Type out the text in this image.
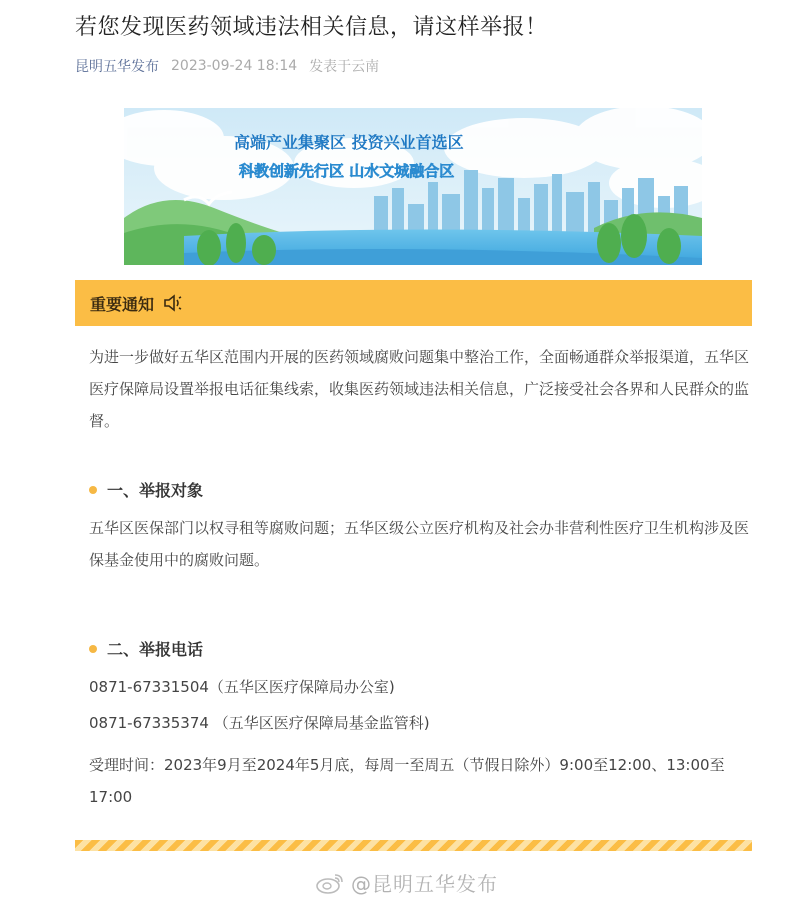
若您发现医药领域违法相关信息，请这样举报！
昆明五华发布 2023-09-24 18:14 发表于云南
高端产业集聚区 投资兴业首选区
科教创新先行区 山水文城融合区
重要通知
为进一步做好五华区范围内开展的医药领域腐败问题集中整治工作，全面畅通群众举报渠道，五华区医疗保障局设置举报电话征集线索，收集医药领域违法相关信息，广泛接受社会各界和人民群众的监督。
一、举报对象
五华区医保部门以权寻租等腐败问题；五华区级公立医疗机构及社会办非营利性医疗卫生机构涉及医保基金使用中的腐败问题。
二、举报电话
0871-67331504（五华区医疗保障局办公室)
0871-67335374 （五华区医疗保障局基金监管科)
受理时间：2023年9月至2024年5月底，每周一至周五（节假日除外）9:00至12:00、13:00至17:00
@昆明五华发布
